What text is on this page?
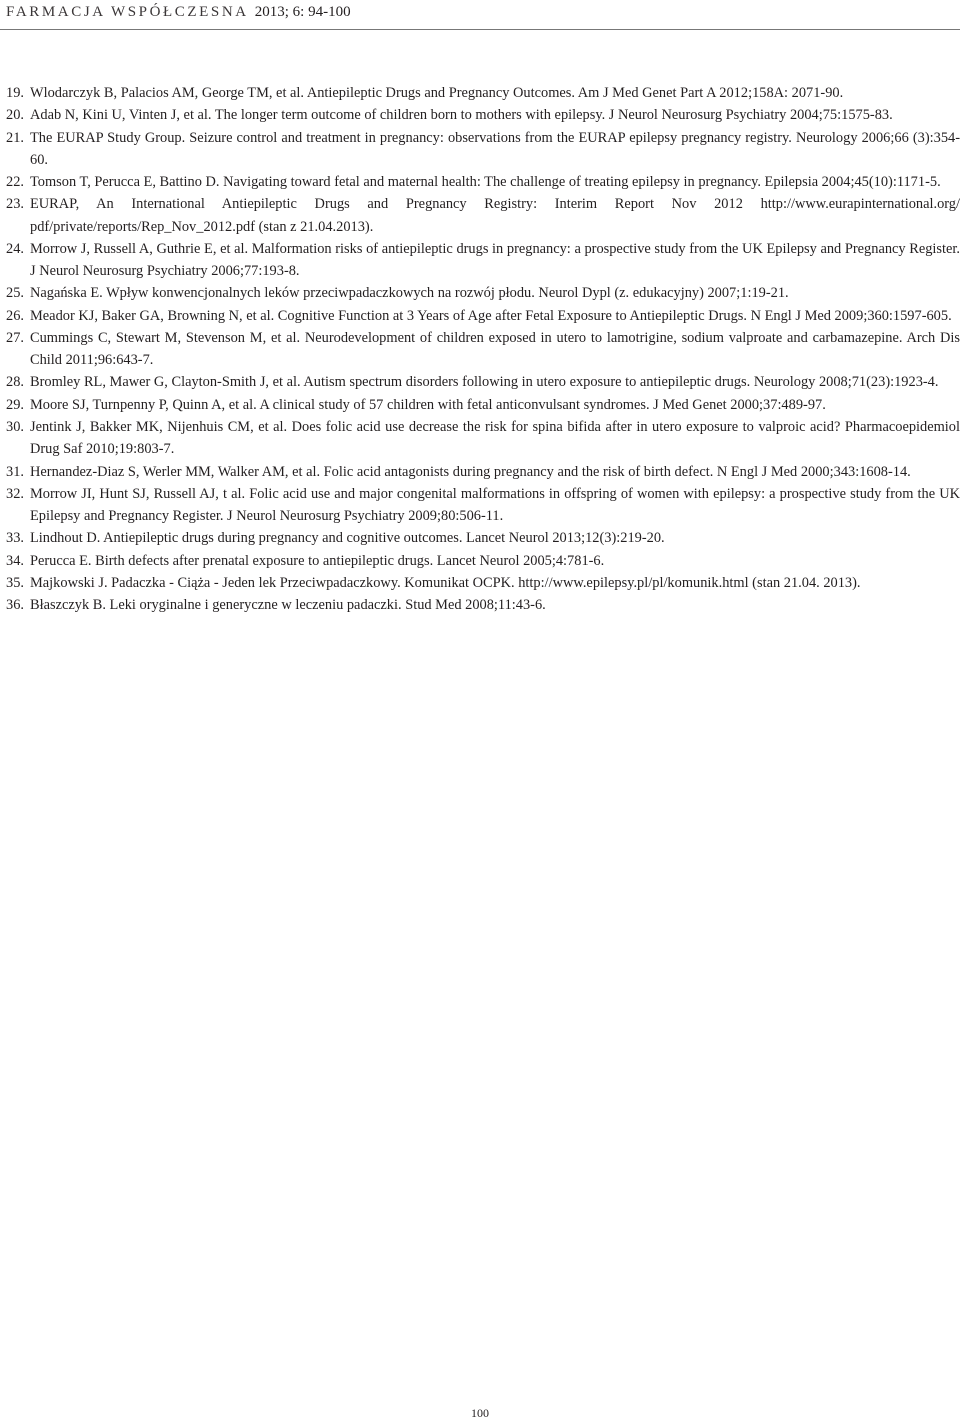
FARMACJA WSPÓŁCZESNA 2013; 6: 94-100
19. Wlodarczyk B, Palacios AM, George TM, et al. Antiepileptic Drugs and Pregnancy Outcomes. Am J Med Genet Part A 2012;158A: 2071-90.
20. Adab N, Kini U, Vinten J, et al. The longer term outcome of children born to mothers with epilepsy. J Neurol Neurosurg Psychiatry 2004;75:1575-83.
21. The EURAP Study Group. Seizure control and treatment in pregnancy: observations from the EURAP epilepsy pregnancy registry. Neurology 2006;66 (3):354-60.
22. Tomson T, Perucca E, Battino D. Navigating toward fetal and maternal health: The challenge of treating epilepsy in pregnancy. Epilepsia 2004;45(10):1171-5.
23. EURAP, An International Antiepileptic Drugs and Pregnancy Registry: Interim Report Nov 2012 http://www.eurapinternational.org/ pdf/private/reports/Rep_Nov_2012.pdf (stan z 21.04.2013).
24. Morrow J, Russell A, Guthrie E, et al. Malformation risks of antiepileptic drugs in pregnancy: a prospective study from the UK Epilepsy and Pregnancy Register. J Neurol Neurosurg Psychiatry 2006;77:193-8.
25. Nagańska E. Wpływ konwencjonalnych leków przeciwpadaczkowych na rozwój płodu. Neurol Dypl (z. edukacyjny) 2007;1:19-21.
26. Meador KJ, Baker GA, Browning N, et al. Cognitive Function at 3 Years of Age after Fetal Exposure to Antiepileptic Drugs. N Engl J Med 2009;360:1597-605.
27. Cummings C, Stewart M, Stevenson M, et al. Neurodevelopment of children exposed in utero to lamotrigine, sodium valproate and carbamazepine. Arch Dis Child 2011;96:643-7.
28. Bromley RL, Mawer G, Clayton-Smith J, et al. Autism spectrum disorders following in utero exposure to antiepileptic drugs. Neurology 2008;71(23):1923-4.
29. Moore SJ, Turnpenny P, Quinn A, et al. A clinical study of 57 children with fetal anticonvulsant syndromes. J Med Genet 2000;37:489-97.
30. Jentink J, Bakker MK, Nijenhuis CM, et al. Does folic acid use decrease the risk for spina bifida after in utero exposure to valproic acid? Pharmacoepidemiol Drug Saf 2010;19:803-7.
31. Hernandez-Diaz S, Werler MM, Walker AM, et al. Folic acid antagonists during pregnancy and the risk of birth defect. N Engl J Med 2000;343:1608-14.
32. Morrow JI, Hunt SJ, Russell AJ, t al. Folic acid use and major congenital malformations in offspring of women with epilepsy: a prospective study from the UK Epilepsy and Pregnancy Register. J Neurol Neurosurg Psychiatry 2009;80:506-11.
33. Lindhout D. Antiepileptic drugs during pregnancy and cognitive outcomes. Lancet Neurol 2013;12(3):219-20.
34. Perucca E. Birth defects after prenatal exposure to antiepileptic drugs. Lancet Neurol 2005;4:781-6.
35. Majkowski J. Padaczka - Ciąża - Jeden lek Przeciwpadaczkowy. Komunikat OCPK. http://www.epilepsy.pl/pl/komunik.html (stan 21.04. 2013).
36. Błaszczyk B. Leki oryginalne i generyczne w leczeniu padaczki. Stud Med 2008;11:43-6.
100
